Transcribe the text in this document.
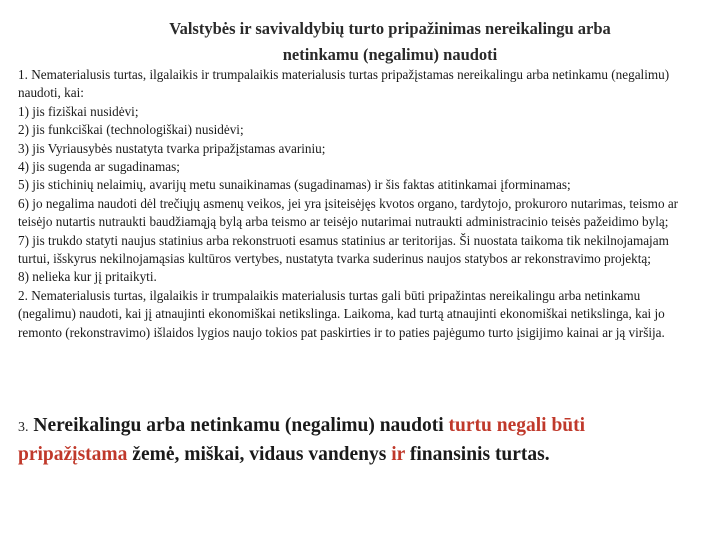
Valstybės ir savivaldybių turto pripažinimas nereikalingu arba
netinkamu (negalimu) naudoti
1. Nematerialusis turtas, ilgalaikis ir trumpalaikis materialusis turtas pripažįstamas nereikalingu arba netinkamu (negalimu) naudoti, kai:
1) jis fiziškai nusidėvi;
2) jis funkciškai (technologiškai) nusidėvi;
3) jis Vyriausybės nustatyta tvarka pripažįstamas avariniu;
4) jis sugenda ar sugadinamas;
5) jis stichinių nelaimių, avarijų metu sunaikinamas (sugadinamas) ir šis faktas atitinkamai įforminamas;
6) jo negalima naudoti dėl trečiųjų asmenų veikos, jei yra įsiteisėjęs kvotos organo, tardytojo, prokuroro nutarimas, teismo ar teisėjo nutartis nutraukti baudžiamąją bylą arba teismo ar teisėjo nutarimai nutraukti administracinio teisės pažeidimo bylą;
7) jis trukdo statyti naujus statinius arba rekonstruoti esamus statinius ar teritorijas. Ši nuostata taikoma tik nekilnojamajam turtui, išskyrus nekilnojamąsias kultūros vertybes, nustatyta tvarka suderinus naujos statybos ar rekonstravimo projektą;
8) nelieka kur jį pritaikyti.
2. Nematerialusis turtas, ilgalaikis ir trumpalaikis materialusis turtas gali būti pripažintas nereikalingu arba netinkamu (negalimu) naudoti, kai jį atnaujinti ekonomiškai netikslinga. Laikoma, kad turtą atnaujinti ekonomiškai netikslinga, kai jo remonto (rekonstravimo) išlaidos lygios naujo tokios pat paskirties ir to paties pajėgumo turto įsigijimo kainai ar ją viršija.
3. Nereikalingu arba netinkamu (negalimu) naudoti turtu negali būti pripažįstama žemė, miškai, vidaus vandenys ir finansinis turtas.
